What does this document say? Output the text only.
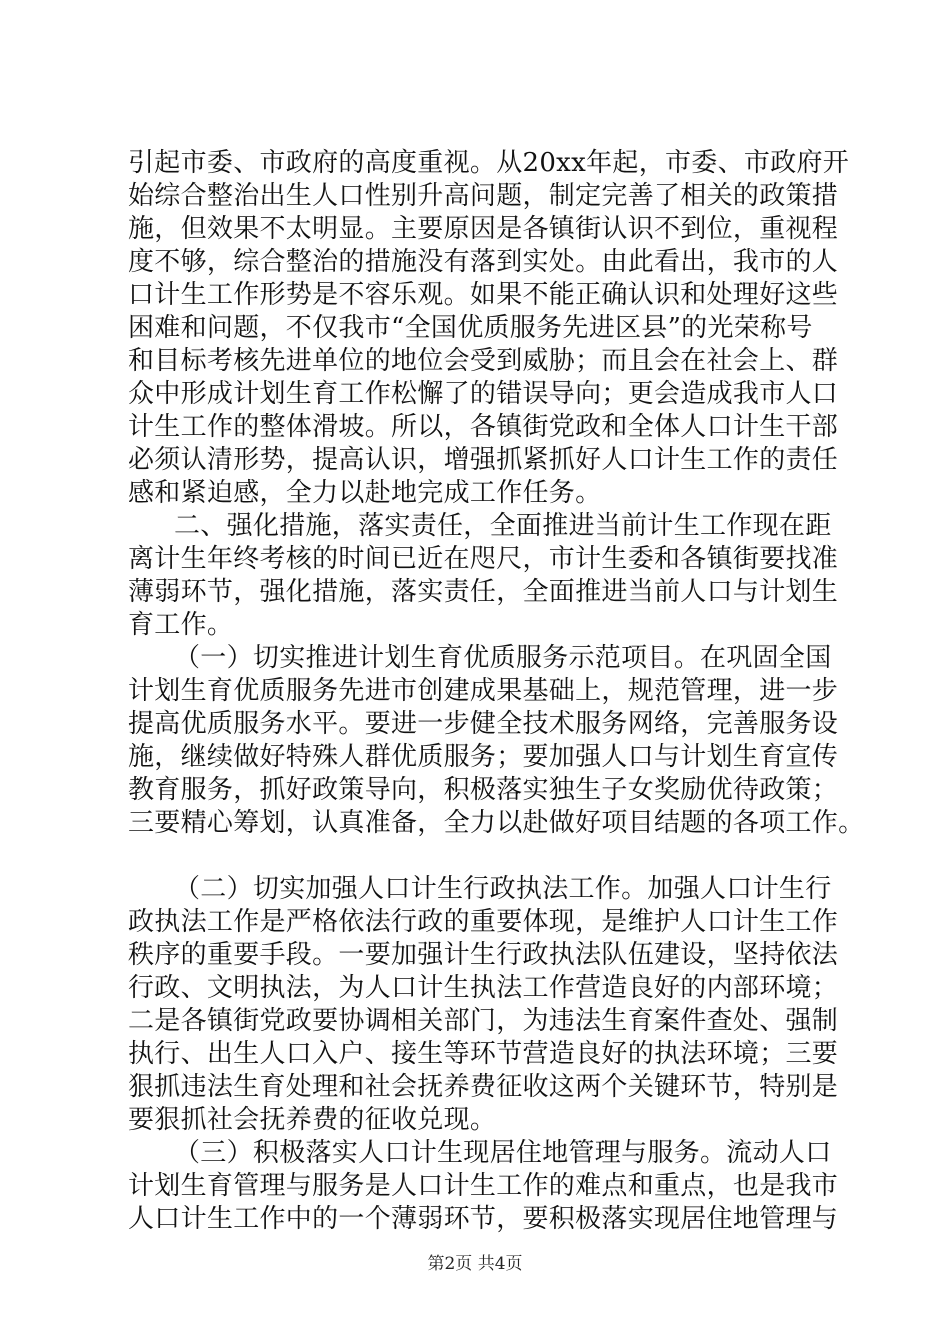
引起市委、市政府的高度重视。从20xx年起，市委、市政府开
始综合整治出生人口性别升高问题，制定完善了相关的政策措
施，但效果不太明显。主要原因是各镇街认识不到位，重视程
度不够，综合整治的措施没有落到实处。由此看出，我市的人
口计生工作形势是不容乐观。如果不能正确认识和处理好这些
困难和问题，不仅我市“全国优质服务先进区县”的光荣称号
和目标考核先进单位的地位会受到威胁；而且会在社会上、群
众中形成计划生育工作松懈了的错误导向；更会造成我市人口
计生工作的整体滑坡。所以，各镇街党政和全体人口计生干部
必须认清形势，提高认识，增强抓紧抓好人口计生工作的责任
感和紧迫感，全力以赴地完成工作任务。
二、强化措施，落实责任，全面推进当前计生工作现在距
离计生年终考核的时间已近在咫尺，市计生委和各镇街要找准
薄弱环节，强化措施，落实责任，全面推进当前人口与计划生
育工作。
（一）切实推进计划生育优质服务示范项目。在巩固全国
计划生育优质服务先进市创建成果基础上，规范管理，进一步
提高优质服务水平。要进一步健全技术服务网络，完善服务设
施，继续做好特殊人群优质服务；要加强人口与计划生育宣传
教育服务，抓好政策导向，积极落实独生子女奖励优待政策；
三要精心筹划，认真准备，全力以赴做好项目结题的各项工作。
（二）切实加强人口计生行政执法工作。加强人口计生行
政执法工作是严格依法行政的重要体现，是维护人口计生工作
秩序的重要手段。一要加强计生行政执法队伍建设，坚持依法
行政、文明执法，为人口计生执法工作营造良好的内部环境；
二是各镇街党政要协调相关部门，为违法生育案件查处、强制
执行、出生人口入户、接生等环节营造良好的执法环境；三要
狠抓违法生育处理和社会抚养费征收这两个关键环节，特别是
要狠抓社会抚养费的征收兑现。
（三）积极落实人口计生现居住地管理与服务。流动人口
计划生育管理与服务是人口计生工作的难点和重点，也是我市
人口计生工作中的一个薄弱环节，要积极落实现居住地管理与
第2页 共4页
